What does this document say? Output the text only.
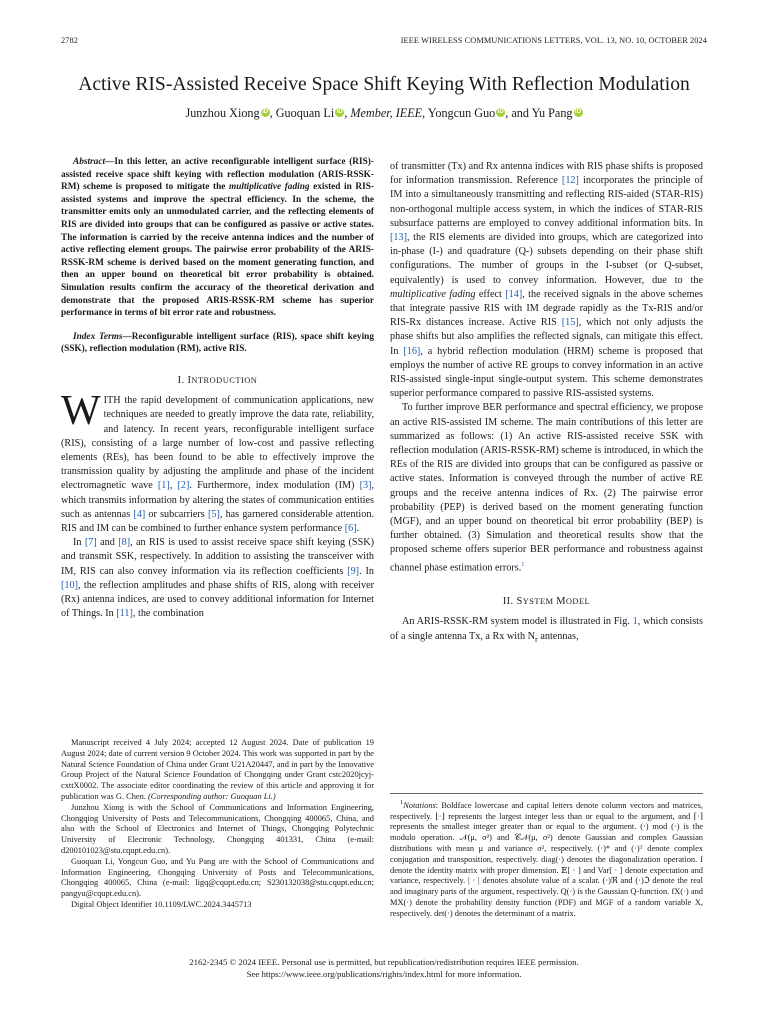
2782	IEEE WIRELESS COMMUNICATIONS LETTERS, VOL. 13, NO. 10, OCTOBER 2024
Active RIS-Assisted Receive Space Shift Keying With Reflection Modulation
Junzhou Xiong iD , Guoquan Li iD , Member, IEEE, Yongcun Guo iD , and Yu Pang iD

Abstract—In this letter, an active reconfigurable intelligent surface (RIS)-assisted receive space shift keying with reflection modulation (ARIS-RSSK-RM) scheme is proposed to mitigate the multiplicative fading existed in RIS-assisted systems and improve the spectral efficiency. In the scheme, the transmitter emits only an unmodulated carrier, and the reflecting elements of RIS are divided into groups that can be configured as passive or active states. The information is carried by the receive antenna indices and the number of active reflecting element groups. The pairwise error probability of the ARIS-RSSK-RM scheme is derived based on the moment generating function, and then an upper bound on theoretical bit error probability is obtained. Simulation results confirm the accuracy of the theoretical derivation and demonstrate that the proposed ARIS-RSSK-RM scheme has superior performance in terms of bit error rate and robustness.

Index Terms—Reconfigurable intelligent surface (RIS), space shift keying (SSK), reflection modulation (RM), active RIS.

I. INTRODUCTION

WITH the rapid development of communication applications, new techniques are needed to greatly improve the data rate, reliability, and latency. In recent years, reconfigurable intelligent surface (RIS), consisting of a large number of low-cost and passive reflecting elements (REs), has been found to be able to effectively improve the transmission quality by adjusting the amplitude and phase of the incident electromagnetic wave [1], [2]. Furthermore, index modulation (IM) [3], which transmits information by altering the states of communication entities such as antennas [4] or subcarriers [5], has garnered considerable attention. RIS and IM can be combined to further enhance system performance [6].

In [7] and [8], an RIS is used to assist receive space shift keying (SSK) and transmit SSK, respectively. In addition to assisting the transceiver with IM, RIS can also convey information via its reflection coefficients [9]. In [10], the reflection amplitudes and phase shifts of RIS, along with receiver (Rx) antenna indices, are used to convey additional information for Internet of Things. In [11], the combination

Manuscript received 4 July 2024; accepted 12 August 2024. Date of publication 19 August 2024; date of current version 9 October 2024. This work was supported in part by the Natural Science Foundation of China under Grant U21A20447, and in part by the Innovative Group Project of the Natural Science Foundation of Chongqing under Grant cstc2020jcyj-cxttX0002. The associate editor coordinating the review of this article and approving it for publication was G. Chen. (Corresponding author: Guoquan Li.)

Junzhou Xiong is with the School of Communications and Information Engineering, Chongqing University of Posts and Telecommunications, Chongqing 400065, China, and also with the School of Electronics and Internet of Things, Chongqing Polytechnic University of Electronic Technology, Chongqing 401331, China (e-mail: d200101023@stu.cqupt.edu.cn).

Guoquan Li, Yongcun Guo, and Yu Pang are with the School of Communications and Information Engineering, Chongqing University of Posts and Telecommunications, Chongqing 400065, China (e-mail: ligq@cqupt.edu.cn; S230132038@stu.cqupt.edu.cn; pangyu@cqupt.edu.cn).

Digital Object Identifier 10.1109/LWC.2024.3445713

of transmitter (Tx) and Rx antenna indices with RIS phase shifts is proposed for information transmission. Reference [12] incorporates the principle of IM into a simultaneously transmitting and reflecting RIS-aided (STAR-RIS) non-orthogonal multiple access system, in which the indices of STAR-RIS subsurface patterns are employed to convey additional information bits. In [13], the RIS elements are divided into groups, which are categorized into in-phase (I-) and quadrature (Q-) subsets depending on their phase shift configurations. The number of groups in the I-subset (or Q-subset, equivalently) is used to convey information. However, due to the multiplicative fading effect [14], the received signals in the above schemes that integrate passive RIS with IM degrade rapidly as the Tx-RIS and/or RIS-Rx distances increase. Active RIS [15], which not only adjusts the phase shifts but also amplifies the reflected signals, can mitigate this effect. In [16], a hybrid reflection modulation (HRM) scheme is proposed that employs the number of active RE groups to convey information in an active RIS-assisted single-input single-output system. This scheme demonstrates superior performance compared to passive RIS-assisted systems.

To further improve BER performance and spectral efficiency, we propose an active RIS-assisted IM scheme. The main contributions of this letter are summarized as follows: (1) An active RIS-assisted receive SSK with reflection modulation (ARIS-RSSK-RM) scheme is introduced, in which the REs of the RIS are divided into groups that can be configured as passive or active states. Information is conveyed through the number of active RE groups and the receive antenna indices of Rx. (2) The pairwise error probability (PEP) is derived based on the moment generating function (MGF), and an upper bound on theoretical bit error probability (BEP) is further obtained. (3) Simulation and theoretical results show that the proposed scheme offers superior BER performance and robustness against channel phase estimation errors.$^1$

II. SYSTEM MODEL

An ARIS-RSSK-RM system model is illustrated in Fig. 1, which consists of a single antenna Tx, a Rx with $N_r$ antennas,

$^1$Notations: Boldface lowercase and capital letters denote column vectors and matrices, respectively. ⌊·⌋ represents the largest integer less than or equal to the argument, and ⌈·⌉ represents the smallest integer greater than or equal to the argument. (·) mod (·) is the modulo operation. 𝒩(μ, σ²) and 𝒞𝒩(μ, σ²) denote Gaussian and complex Gaussian distributions with mean μ and variance σ², respectively. (·)* and (·)ᵀ denote complex conjugation and transposition, respectively. diag(·) denotes the diagonalization operation. I denote the identity matrix with proper dimension. 𝔼[ · ] and Var[ · ] denote expectation and variance, respectively. | · | denotes absolute value of a scalar. (·)ℜ and (·)ℑ denote the real and imaginary parts of the argument, respectively. Q(·) is the Gaussian Q-function. fX(·) and MX(·) denote the probability density function (PDF) and MGF of a random variable X, respectively. det(·) denotes the determinant of a matrix.

2162-2345 © 2024 IEEE. Personal use is permitted, but republication/redistribution requires IEEE permission.
See https://www.ieee.org/publications/rights/index.html for more information.
